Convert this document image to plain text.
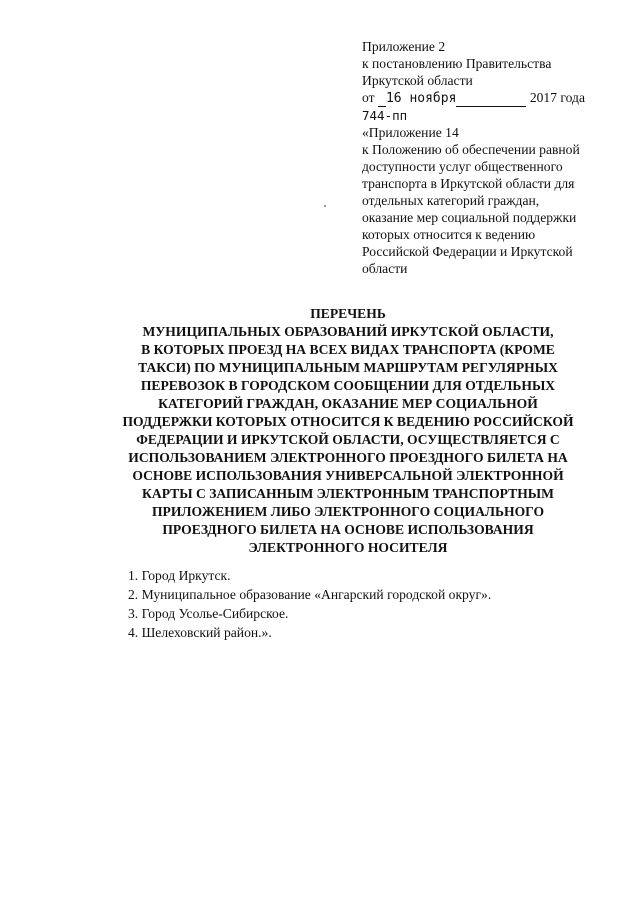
Приложение 2
к постановлению Правительства
Иркутской области
от 16 ноября	2017 года
744-пп
«Приложение 14
к Положению об обеспечении равной
доступности услуг общественного
транспорта в Иркутской области для
отдельных категорий граждан,
оказание мер социальной поддержки
которых относится к ведению
Российской Федерации и Иркутской
области
ПЕРЕЧЕНЬ
МУНИЦИПАЛЬНЫХ ОБРАЗОВАНИЙ ИРКУТСКОЙ ОБЛАСТИ,
В КОТОРЫХ ПРОЕЗД НА ВСЕХ ВИДАХ ТРАНСПОРТА (КРОМЕ
ТАКСИ) ПО МУНИЦИПАЛЬНЫМ МАРШРУТАМ РЕГУЛЯРНЫХ
ПЕРЕВОЗОК В ГОРОДСКОМ СООБЩЕНИИ ДЛЯ ОТДЕЛЬНЫХ
КАТЕГОРИЙ ГРАЖДАН, ОКАЗАНИЕ МЕР СОЦИАЛЬНОЙ
ПОДДЕРЖКИ КОТОРЫХ ОТНОСИТСЯ К ВЕДЕНИЮ РОССИЙСКОЙ
ФЕДЕРАЦИИ И ИРКУТСКОЙ ОБЛАСТИ, ОСУЩЕСТВЛЯЕТСЯ С
ИСПОЛЬЗОВАНИЕМ ЭЛЕКТРОННОГО ПРОЕЗДНОГО БИЛЕТА НА
ОСНОВЕ ИСПОЛЬЗОВАНИЯ УНИВЕРСАЛЬНОЙ ЭЛЕКТРОННОЙ
КАРТЫ С ЗАПИСАННЫМ ЭЛЕКТРОННЫМ ТРАНСПОРТНЫМ
ПРИЛОЖЕНИЕМ ЛИБО ЭЛЕКТРОННОГО СОЦИАЛЬНОГО
ПРОЕЗДНОГО БИЛЕТА НА ОСНОВЕ ИСПОЛЬЗОВАНИЯ
ЭЛЕКТРОННОГО НОСИТЕЛЯ
1. Город Иркутск.
2. Муниципальное образование «Ангарский городской округ».
3. Город Усолье-Сибирское.
4. Шелеховский район.».
